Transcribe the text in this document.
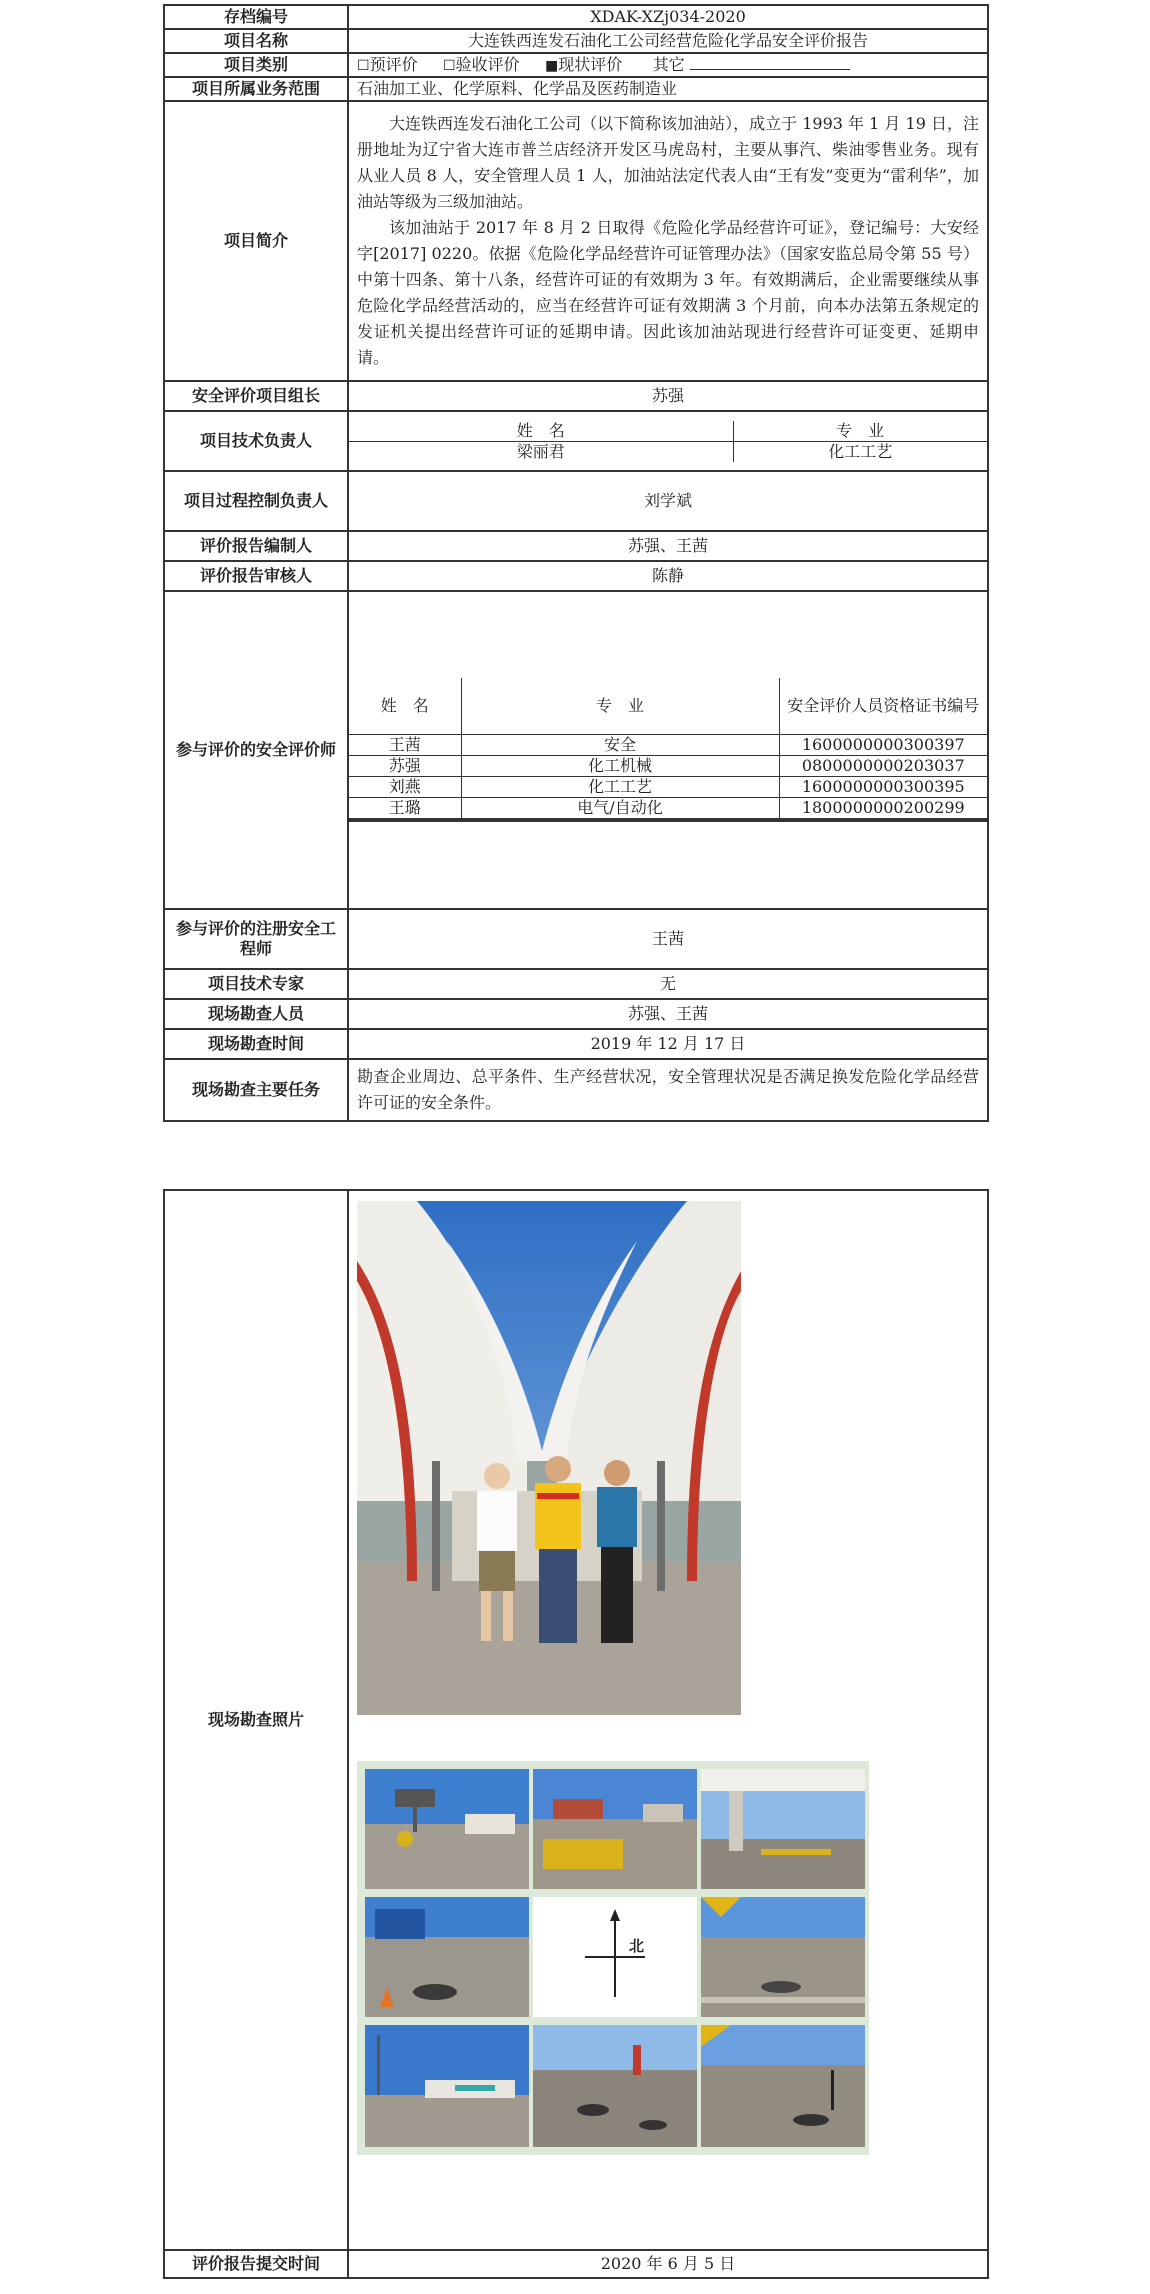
存档编号	XDAK-XZj034-2020
项目名称	大连铁西连发石油化工公司经营危险化学品安全评价报告
项目类别	☐预评价 ☐验收评价 ■现状评价 其它
项目所属业务范围	石油加工业、化学原料、化学品及医药制造业
项目简介	

大连铁西连发石油化工公司（以下简称该加油站），成立于 1993 年 1 月 19 日，注册地址为辽宁省大连市普兰店经济开发区马虎岛村，主要从事汽、柴油零售业务。现有从业人员 8 人，安全管理人员 1 人，加油站法定代表人由“王有发”变更为“雷利华”，加油站等级为三级加油站。

该加油站于 2017 年 8 月 2 日取得《危险化学品经营许可证》，登记编号：大安经字[2017] 0220。依据《危险化学品经营许可证管理办法》（国家安监总局令第 55 号）中第十四条、第十八条，经营许可证的有效期为 3 年。有效期满后，企业需要继续从事危险化学品经营活动的，应当在经营许可证有效期满 3 个月前，向本办法第五条规定的发证机关提出经营许可证的延期申请。因此该加油站现进行经营许可证变更、延期申请。

安全评价项目组长	苏强
项目技术负责人	
姓　名	专　业
梁丽君	化工工艺

项目过程控制负责人	刘学斌
评价报告编制人	苏强、王茜
评价报告审核人	陈静
参与评价的安全评价师	
姓　名	专　业	安全评价人员资格证书编号
王茜	安全	1600000000300397
苏强	化工机械	0800000000203037
刘燕	化工工艺	1600000000300395
王璐	电气/自动化	1800000000200299

参与评价的注册安全工程师	王茜
项目技术专家	无
现场勘查人员	苏强、王茜
现场勘查时间	2019 年 12 月 17 日
现场勘查主要任务	勘查企业周边、总平条件、生产经营状况，安全管理状况是否满足换发危险化学品经营许可证的安全条件。
现场勘查照片	北

评价报告提交时间	2020 年 6 月 5 日
